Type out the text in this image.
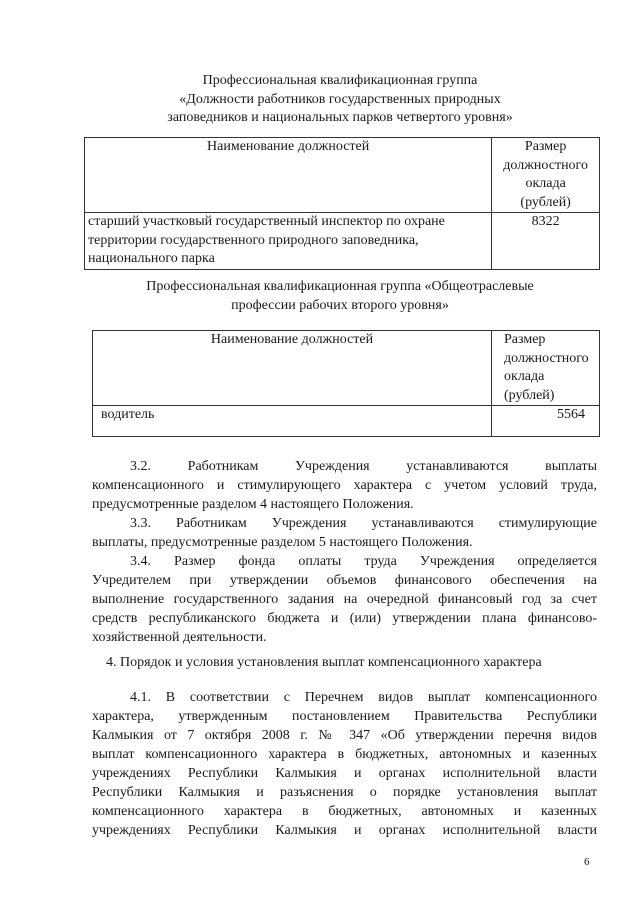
Профессиональная квалификационная группа
«Должности работников государственных природных
заповедников и национальных парков четвертого уровня»
Наименование должностей	Размер
должностного
оклада
(рублей)

старший участковый государственный инспектор по охране
территории государственного природного заповедника,
национального парка	8322
Профессиональная квалификационная группа «Общеотраслевые
профессии рабочих второго уровня»
Наименование должностей	Размер
должностного
оклада
(рублей)

водитель	5564
3.2. Работникам Учреждения устанавливаются выплаты
компенсационного и стимулирующего характера с учетом условий труда,
предусмотренные разделом 4 настоящего Положения.
3.3. Работникам Учреждения устанавливаются стимулирующие
выплаты, предусмотренные разделом 5 настоящего Положения.
3.4. Размер фонда оплаты труда Учреждения определяется
Учредителем при утверждении объемов финансового обеспечения на
выполнение государственного задания на очередной финансовый год за счет
средств республиканского бюджета и (или) утверждении плана финансово-
хозяйственной деятельности.
4. Порядок и условия установления выплат компенсационного характера
4.1. В соответствии с Перечнем видов выплат компенсационного
характера, утвержденным постановлением Правительства Республики
Калмыкия от 7 октября 2008 г. № 347 «Об утверждении перечня видов
выплат компенсационного характера в бюджетных, автономных и казенных
учреждениях Республики Калмыкия и органах исполнительной власти
Республики Калмыкия и разъяснения о порядке установления выплат
компенсационного характера в бюджетных, автономных и казенных
учреждениях Республики Калмыкия и органах исполнительной власти
6
